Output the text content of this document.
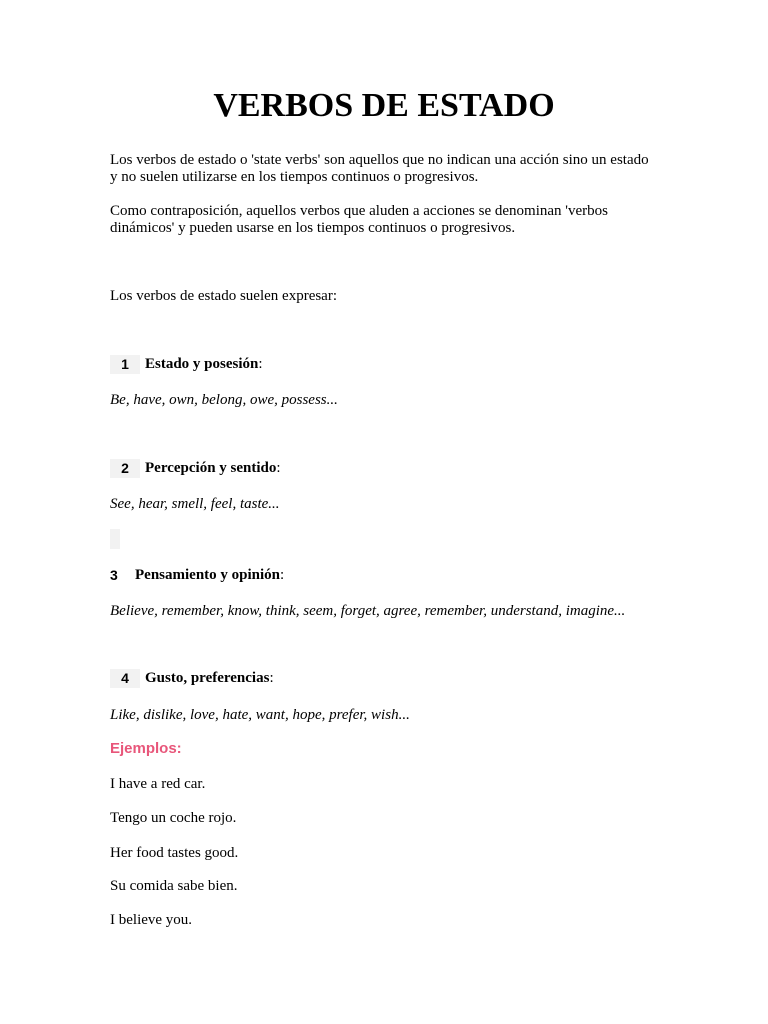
VERBOS DE ESTADO
Los verbos de estado o 'state verbs' son aquellos que no indican una acción sino un estado y no suelen utilizarse en los tiempos continuos o progresivos.
Como contraposición, aquellos verbos que aluden a acciones se denominan 'verbos dinámicos' y pueden usarse en los tiempos continuos o progresivos.
Los verbos de estado suelen expresar:
1	Estado y posesión:
Be, have, own, belong, owe, possess...
2	Percepción y sentido:
See, hear, smell, feel, taste...
3	Pensamiento y opinión:
Believe, remember, know, think, seem, forget, agree, remember, understand, imagine...
4	Gusto, preferencias:
Like, dislike, love, hate, want, hope, prefer, wish...
Ejemplos:
I have a red car.
Tengo un coche rojo.
Her food tastes good.
Su comida sabe bien.
I believe you.
